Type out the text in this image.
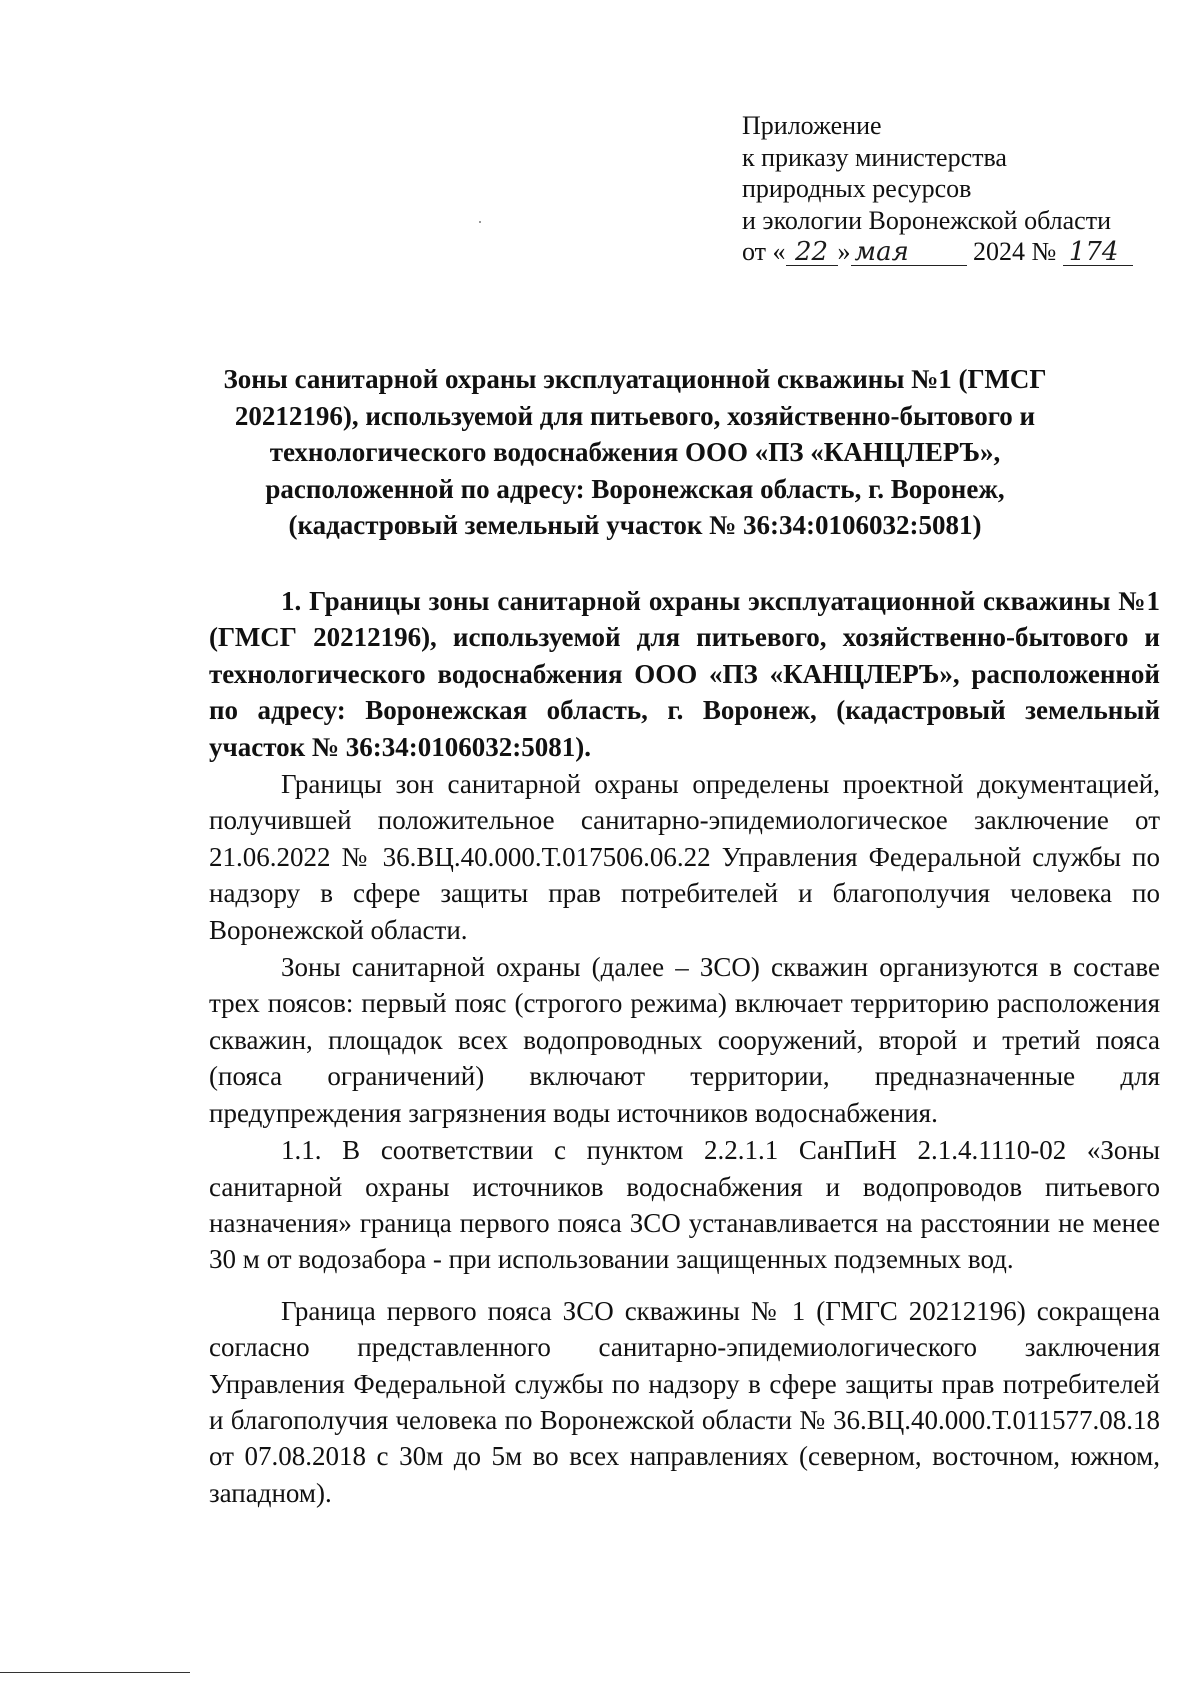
Приложение
к приказу министерства
природных ресурсов
и экологии Воронежской области
от « 22 » мая 2024 № 174
Зоны санитарной охраны эксплуатационной скважины №1 (ГМСГ
20212196), используемой для питьевого, хозяйственно-бытового и
технологического водоснабжения ООО «ПЗ «КАНЦЛЕРЪ»,
расположенной по адресу: Воронежская область, г. Воронеж,
(кадастровый земельный участок № 36:34:0106032:5081)

1. Границы зоны санитарной охраны эксплуатационной скважины №1 (ГМСГ 20212196), используемой для питьевого, хозяйственно-бытового и технологического водоснабжения ООО «ПЗ «КАНЦЛЕРЪ», расположенной по адресу: Воронежская область, г. Воронеж, (кадастровый земельный участок № 36:34:0106032:5081).

Границы зон санитарной охраны определены проектной документацией, получившей положительное санитарно-эпидемиологическое заключение от 21.06.2022 № 36.ВЦ.40.000.Т.017506.06.22 Управления Федеральной службы по надзору в сфере защиты прав потребителей и благополучия человека по Воронежской области.

Зоны санитарной охраны (далее – ЗСО) скважин организуются в составе трех поясов: первый пояс (строгого режима) включает территорию расположения скважин, площадок всех водопроводных сооружений, второй и третий пояса (пояса ограничений) включают территории, предназначенные для предупреждения загрязнения воды источников водоснабжения.

1.1. В соответствии с пунктом 2.2.1.1 СанПиН 2.1.4.1110-02 «Зоны санитарной охраны источников водоснабжения и водопроводов питьевого назначения» граница первого пояса ЗСО устанавливается на расстоянии не менее 30 м от водозабора - при использовании защищенных подземных вод.

Граница первого пояса ЗСО скважины № 1 (ГМГС 20212196) сокращена согласно представленного санитарно-эпидемиологического заключения Управления Федеральной службы по надзору в сфере защиты прав потребителей и благополучия человека по Воронежской области № 36.ВЦ.40.000.Т.011577.08.18 от 07.08.2018 с 30м до 5м во всех направлениях (северном, восточном, южном, западном).
